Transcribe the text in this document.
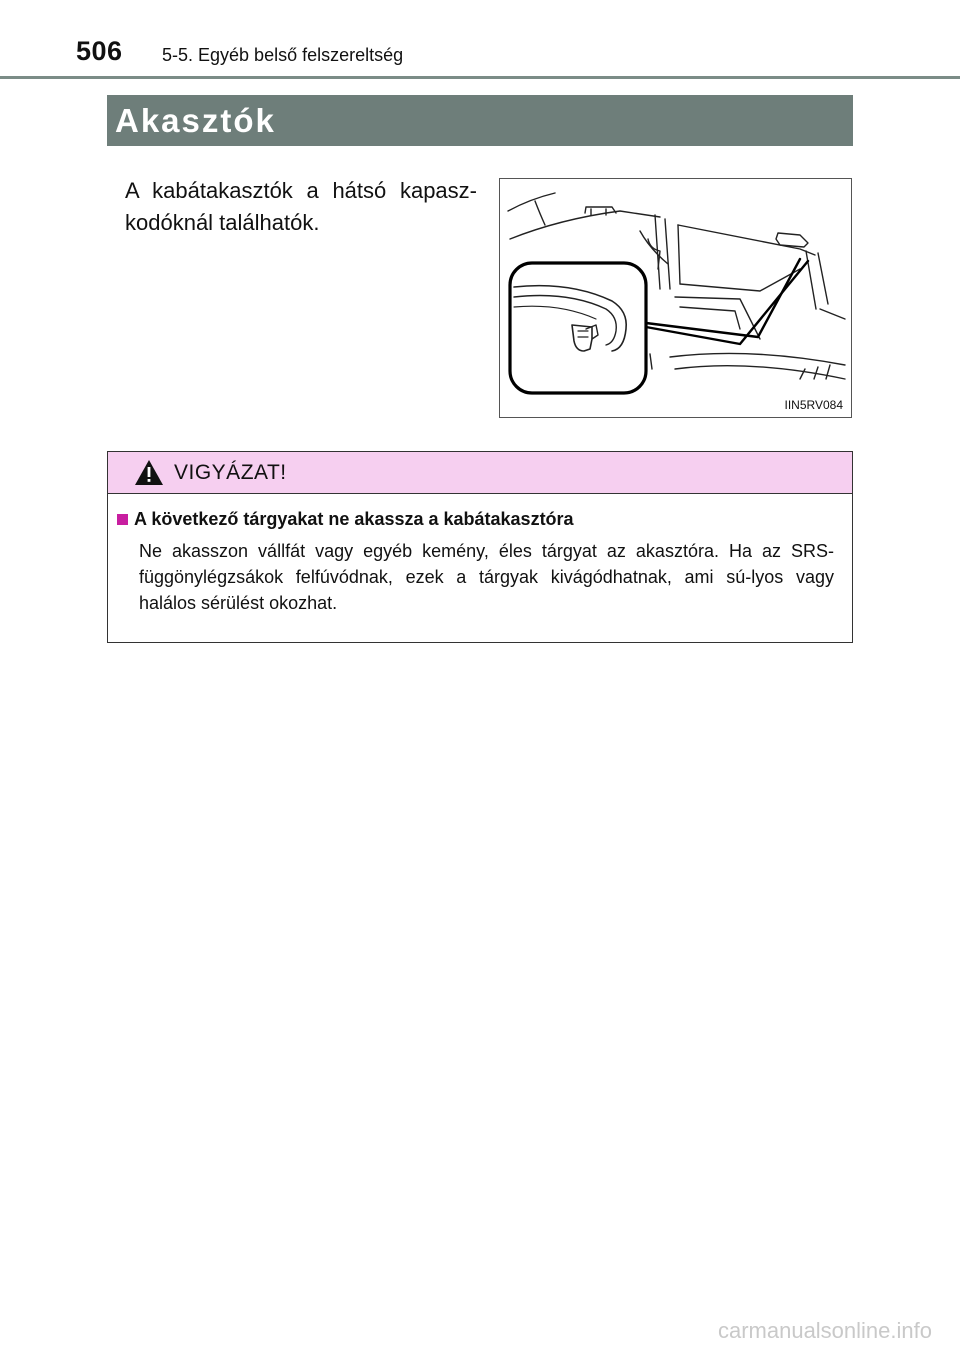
506 5-5. Egyéb belső felszereltség
Akasztók
A kabátakasztók a hátsó kapasz-kodóknál találhatók.
IIN5RV084
VIGYÁZAT!
A következő tárgyakat ne akassza a kabátakasztóra
Ne akasszon vállfát vagy egyéb kemény, éles tárgyat az akasztóra. Ha az SRS-függönylégzsákok felfúvódnak, ezek a tárgyak kivágódhatnak, ami sú-lyos vagy halálos sérülést okozhat.
carmanualsonline.info
